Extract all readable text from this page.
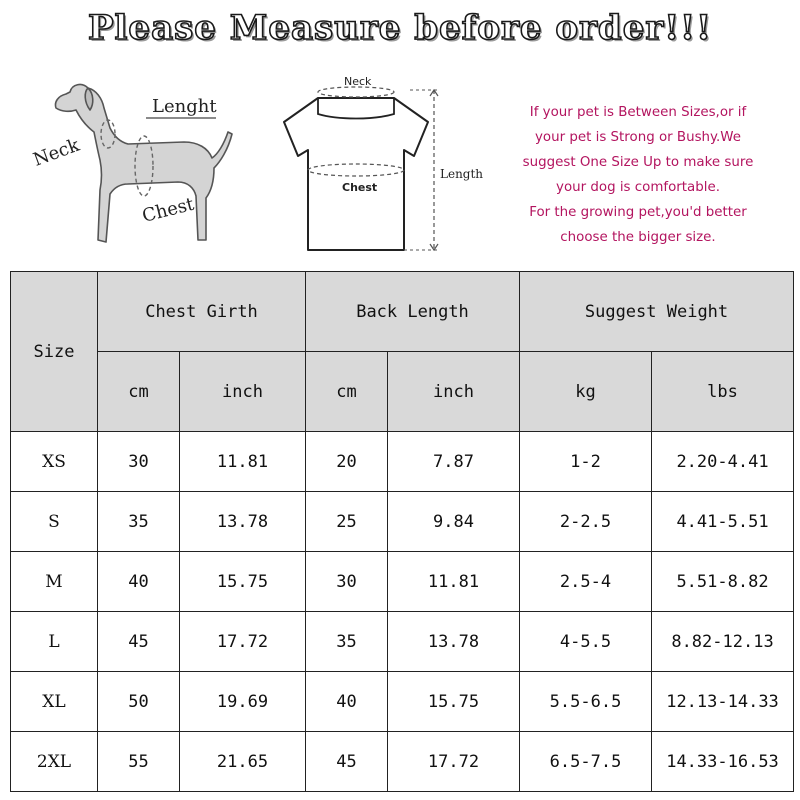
Please Measure before order!!!
Lenght
Neck
Chest
Neck
Chest
Length
If your pet is Between Sizes,or if
your pet is Strong or Bushy.We
suggest One Size Up to make sure
your dog is comfortable.
For the growing pet,you'd better
choose the bigger size.
Size	Chest Girth		Back Length		Suggest Weight	
	cm	inch	cm	inch	kg	lbs
XS	30	11.81	20	7.87	1-2	2.20-4.41
S	35	13.78	25	9.84	2-2.5	4.41-5.51
M	40	15.75	30	11.81	2.5-4	5.51-8.82
L	45	17.72	35	13.78	4-5.5	8.82-12.13
XL	50	19.69	40	15.75	5.5-6.5	12.13-14.33
2XL	55	21.65	45	17.72	6.5-7.5	14.33-16.53
